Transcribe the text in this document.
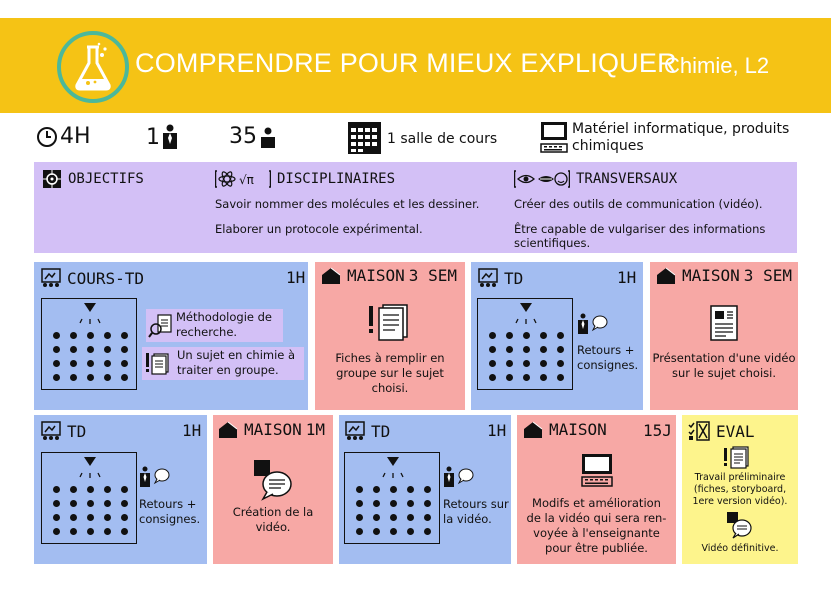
COMPRENDRE POUR MIEUX EXPLIQUER
Chimie, L2
4H	1	35	1 salle de cours
Matériel informatique, produits
chimiques
OBJECTIFS	√π DISCIPLINAIRES
Savoir nommer des molécules et les dessiner.
Elaborer un protocole expérimental.
TRANSVERSAUX
Créer des outils de communication (vidéo).
Être capable de vulgariser des informations
scientifiques.
COURS-TD	1H
Méthodologie de
recherche.
Un sujet en chimie à
traiter en groupe.
MAISON 3 SEM
Fiches à remplir en
groupe sur le sujet
choisi.
TD	1H
Retours +
consignes.
MAISON 3 SEM
Présentation d'une vidéo
sur le sujet choisi.
TD	1H
Retours +
consignes.
MAISON 1M
Création de la
vidéo.
TD	1H
Retours sur
la vidéo.
MAISON 15J
Modifs et amélioration
de la vidéo qui sera ren-
voyée à l'enseignante
pour être publiée.
EVAL
Travail préliminaire
(fiches, storyboard,
1ere version vidéo).
Vidéo définitive.
